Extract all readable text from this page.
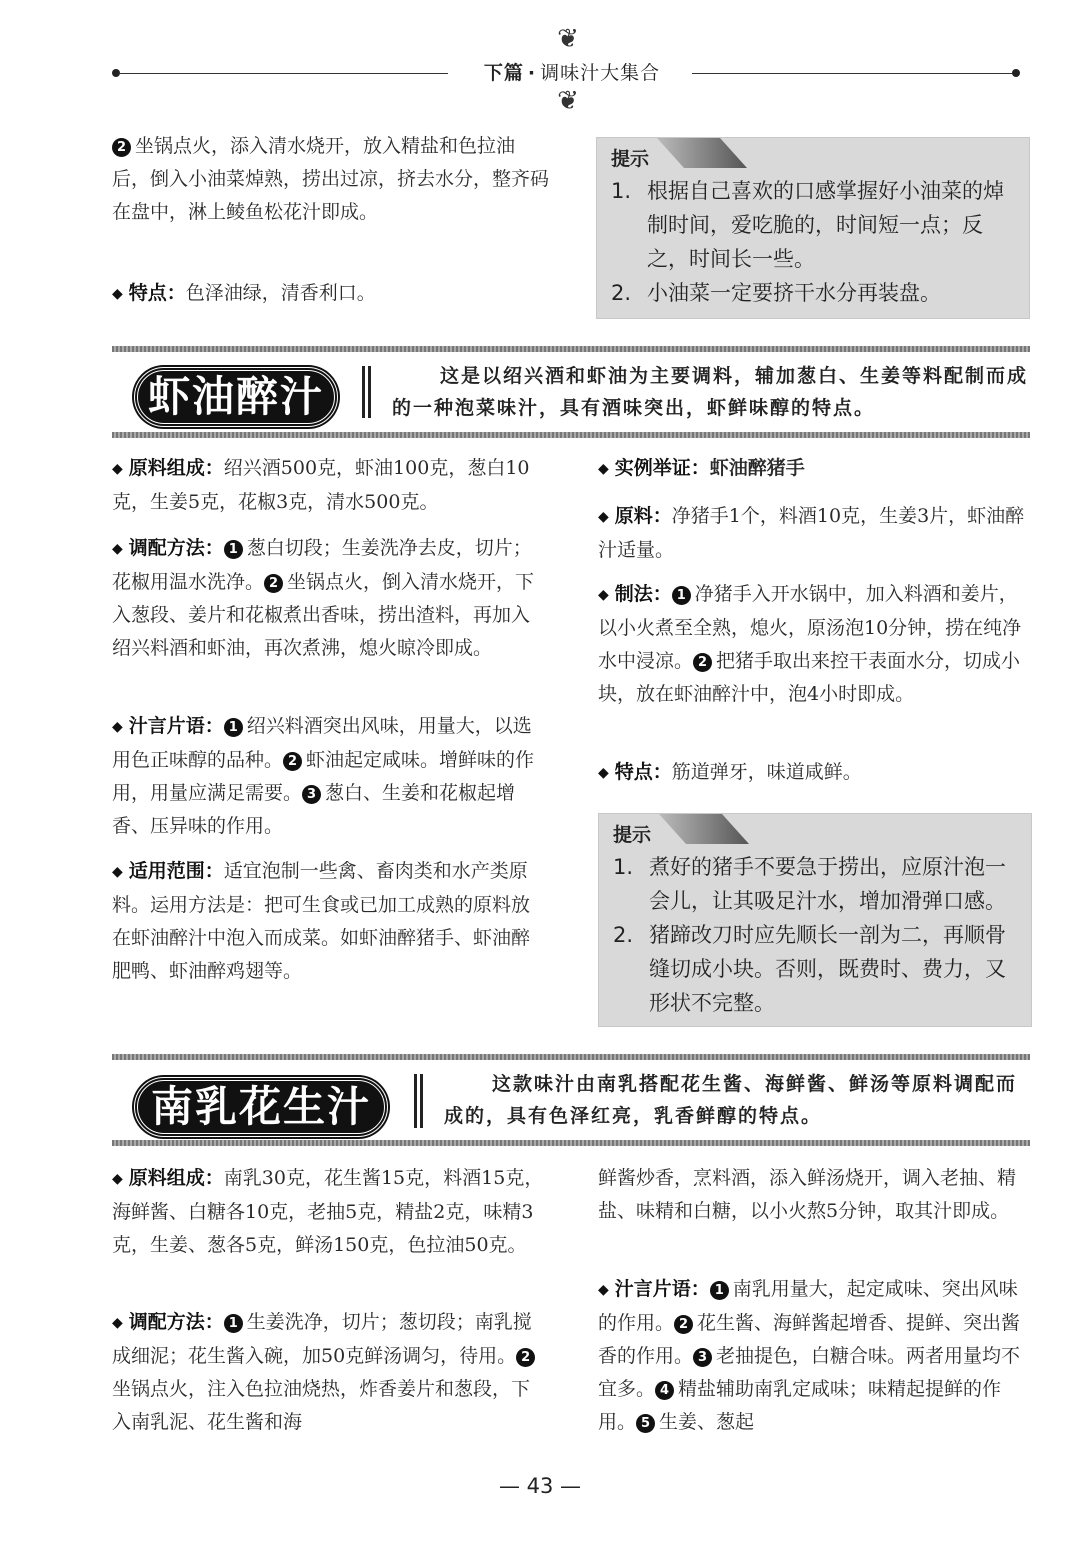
❦
下篇 · 调味汁大集合
❦
2 坐锅点火，添入清水烧开，放入精盐和色拉油后，倒入小油菜焯熟，捞出过凉，挤去水分，整齐码在盘中，淋上鲮鱼松花汁即成。
◆ 特点：色泽油绿，清香利口。
提示
1. 根据自己喜欢的口感掌握好小油菜的焯制时间，爱吃脆的，时间短一点；反之，时间长一些。
2. 小油菜一定要挤干水分再装盘。
虾油醉汁	这是以绍兴酒和虾油为主要调料，辅加葱白、生姜等料配制而成的一种泡菜味汁，具有酒味突出，虾鲜味醇的特点。
◆ 原料组成：绍兴酒500克，虾油100克，葱白10克，生姜5克，花椒3克，清水500克。
◆ 调配方法： 1 葱白切段；生姜洗净去皮，切片；花椒用温水洗净。 2 坐锅点火，倒入清水烧开，下入葱段、姜片和花椒煮出香味，捞出渣料，再加入绍兴料酒和虾油，再次煮沸，熄火晾冷即成。
◆ 汁言片语： 1 绍兴料酒突出风味，用量大，以选用色正味醇的品种。 2 虾油起定咸味。增鲜味的作用，用量应满足需要。 3 葱白、生姜和花椒起增香、压异味的作用。
◆ 适用范围：适宜泡制一些禽、畜肉类和水产类原料。运用方法是：把可生食或已加工成熟的原料放在虾油醉汁中泡入而成菜。如虾油醉猪手、虾油醉肥鸭、虾油醉鸡翅等。
◆ 实例举证：虾油醉猪手
◆ 原料：净猪手1个，料酒10克，生姜3片，虾油醉汁适量。
◆ 制法： 1 净猪手入开水锅中，加入料酒和姜片，以小火煮至全熟，熄火，原汤泡10分钟，捞在纯净水中浸凉。 2 把猪手取出来控干表面水分，切成小块，放在虾油醉汁中，泡4小时即成。
◆ 特点：筋道弹牙，味道咸鲜。
提示
1. 煮好的猪手不要急于捞出，应原汁泡一会儿，让其吸足汁水，增加滑弹口感。
2. 猪蹄改刀时应先顺长一剖为二，再顺骨缝切成小块。否则，既费时、费力，又形状不完整。
南乳花生汁	这款味汁由南乳搭配花生酱、海鲜酱、鲜汤等原料调配而成的，具有色泽红亮，乳香鲜醇的特点。
◆ 原料组成：南乳30克，花生酱15克，料酒15克，海鲜酱、白糖各10克，老抽5克，精盐2克，味精3克，生姜、葱各5克，鲜汤150克，色拉油50克。
◆ 调配方法： 1 生姜洗净，切片；葱切段；南乳搅成细泥；花生酱入碗，加50克鲜汤调匀，待用。 2坐锅点火，注入色拉油烧热，炸香姜片和葱段，下入南乳泥、花生酱和海
鲜酱炒香，烹料酒，添入鲜汤烧开，调入老抽、精盐、味精和白糖，以小火熬5分钟，取其汁即成。
◆ 汁言片语： 1 南乳用量大，起定咸味、突出风味的作用。 2 花生酱、海鲜酱起增香、提鲜、突出酱香的作用。 3 老抽提色，白糖合味。两者用量均不宜多。 4 精盐辅助南乳定咸味；味精起提鲜的作用。 5 生姜、葱起
— 43 —
